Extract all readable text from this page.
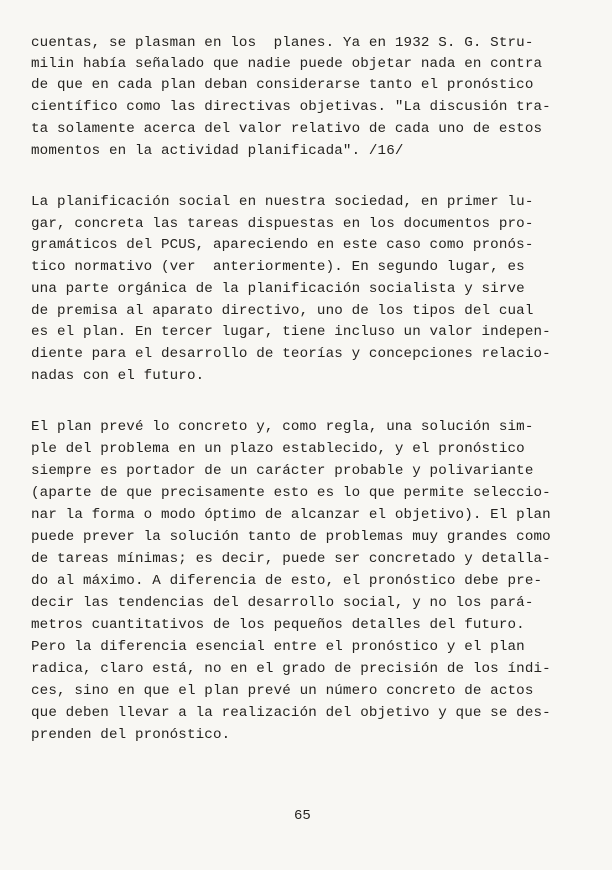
cuentas, se plasman en los  planes. Ya en 1932 S. G. Stru-
milin había señalado que nadie puede objetar nada en contra
de que en cada plan deban considerarse tanto el pronóstico
científico como las directivas objetivas. "La discusión tra-
ta solamente acerca del valor relativo de cada uno de estos
momentos en la actividad planificada". /16/
La planificación social en nuestra sociedad, en primer lu-
gar, concreta las tareas dispuestas en los documentos pro-
gramáticos del PCUS, apareciendo en este caso como pronós-
tico normativo (ver  anteriormente). En segundo lugar, es
una parte orgánica de la planificación socialista y sirve
de premisa al aparato directivo, uno de los tipos del cual
es el plan. En tercer lugar, tiene incluso un valor indepen-
diente para el desarrollo de teorías y concepciones relacio-
nadas con el futuro.
El plan prevé lo concreto y, como regla, una solución sim-
ple del problema en un plazo establecido, y el pronóstico
siempre es portador de un carácter probable y polivariante
(aparte de que precisamente esto es lo que permite seleccio-
nar la forma o modo óptimo de alcanzar el objetivo). El plan
puede prever la solución tanto de problemas muy grandes como
de tareas mínimas; es decir, puede ser concretado y detalla-
do al máximo. A diferencia de esto, el pronóstico debe pre-
decir las tendencias del desarrollo social, y no los pará-
metros cuantitativos de los pequeños detalles del futuro.
Pero la diferencia esencial entre el pronóstico y el plan
radica, claro está, no en el grado de precisión de los índi-
ces, sino en que el plan prevé un número concreto de actos
que deben llevar a la realización del objetivo y que se des-
prenden del pronóstico.
65
